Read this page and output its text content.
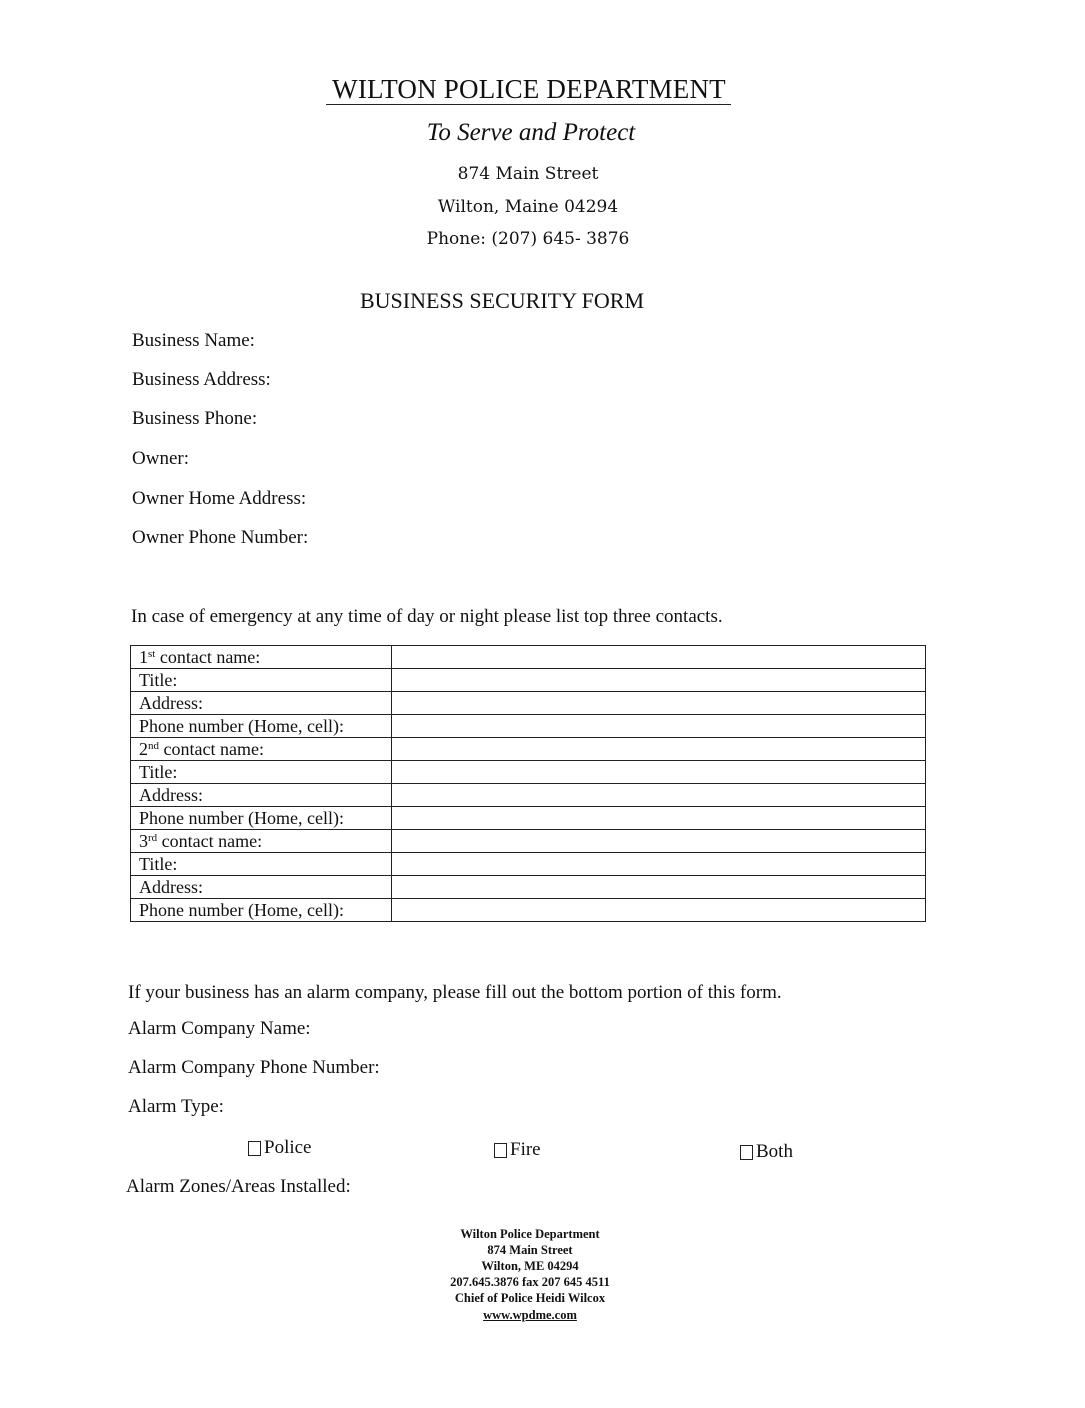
WILTON POLICE DEPARTMENT
To Serve and Protect
874 Main Street
Wilton, Maine 04294
Phone: (207) 645- 3876
BUSINESS SECURITY FORM
Business Name:
Business Address:
Business Phone:
Owner:
Owner Home Address:
Owner Phone Number:
In case of emergency at any time of day or night please list top three contacts.
1st contact name:	
Title:	
Address:	
Phone number (Home, cell):	
2nd contact name:	
Title:	
Address:	
Phone number (Home, cell):	
3rd contact name:	
Title:	
Address:	
Phone number (Home, cell):	
If your business has an alarm company, please fill out the bottom portion of this form.
Alarm Company Name:
Alarm Company Phone Number:
Alarm Type:
Police	Fire	Both
Alarm Zones/Areas Installed:
Wilton Police Department
874 Main Street
Wilton, ME 04294
207.645.3876 fax 207 645 4511
Chief of Police Heidi Wilcox
www.wpdme.com
